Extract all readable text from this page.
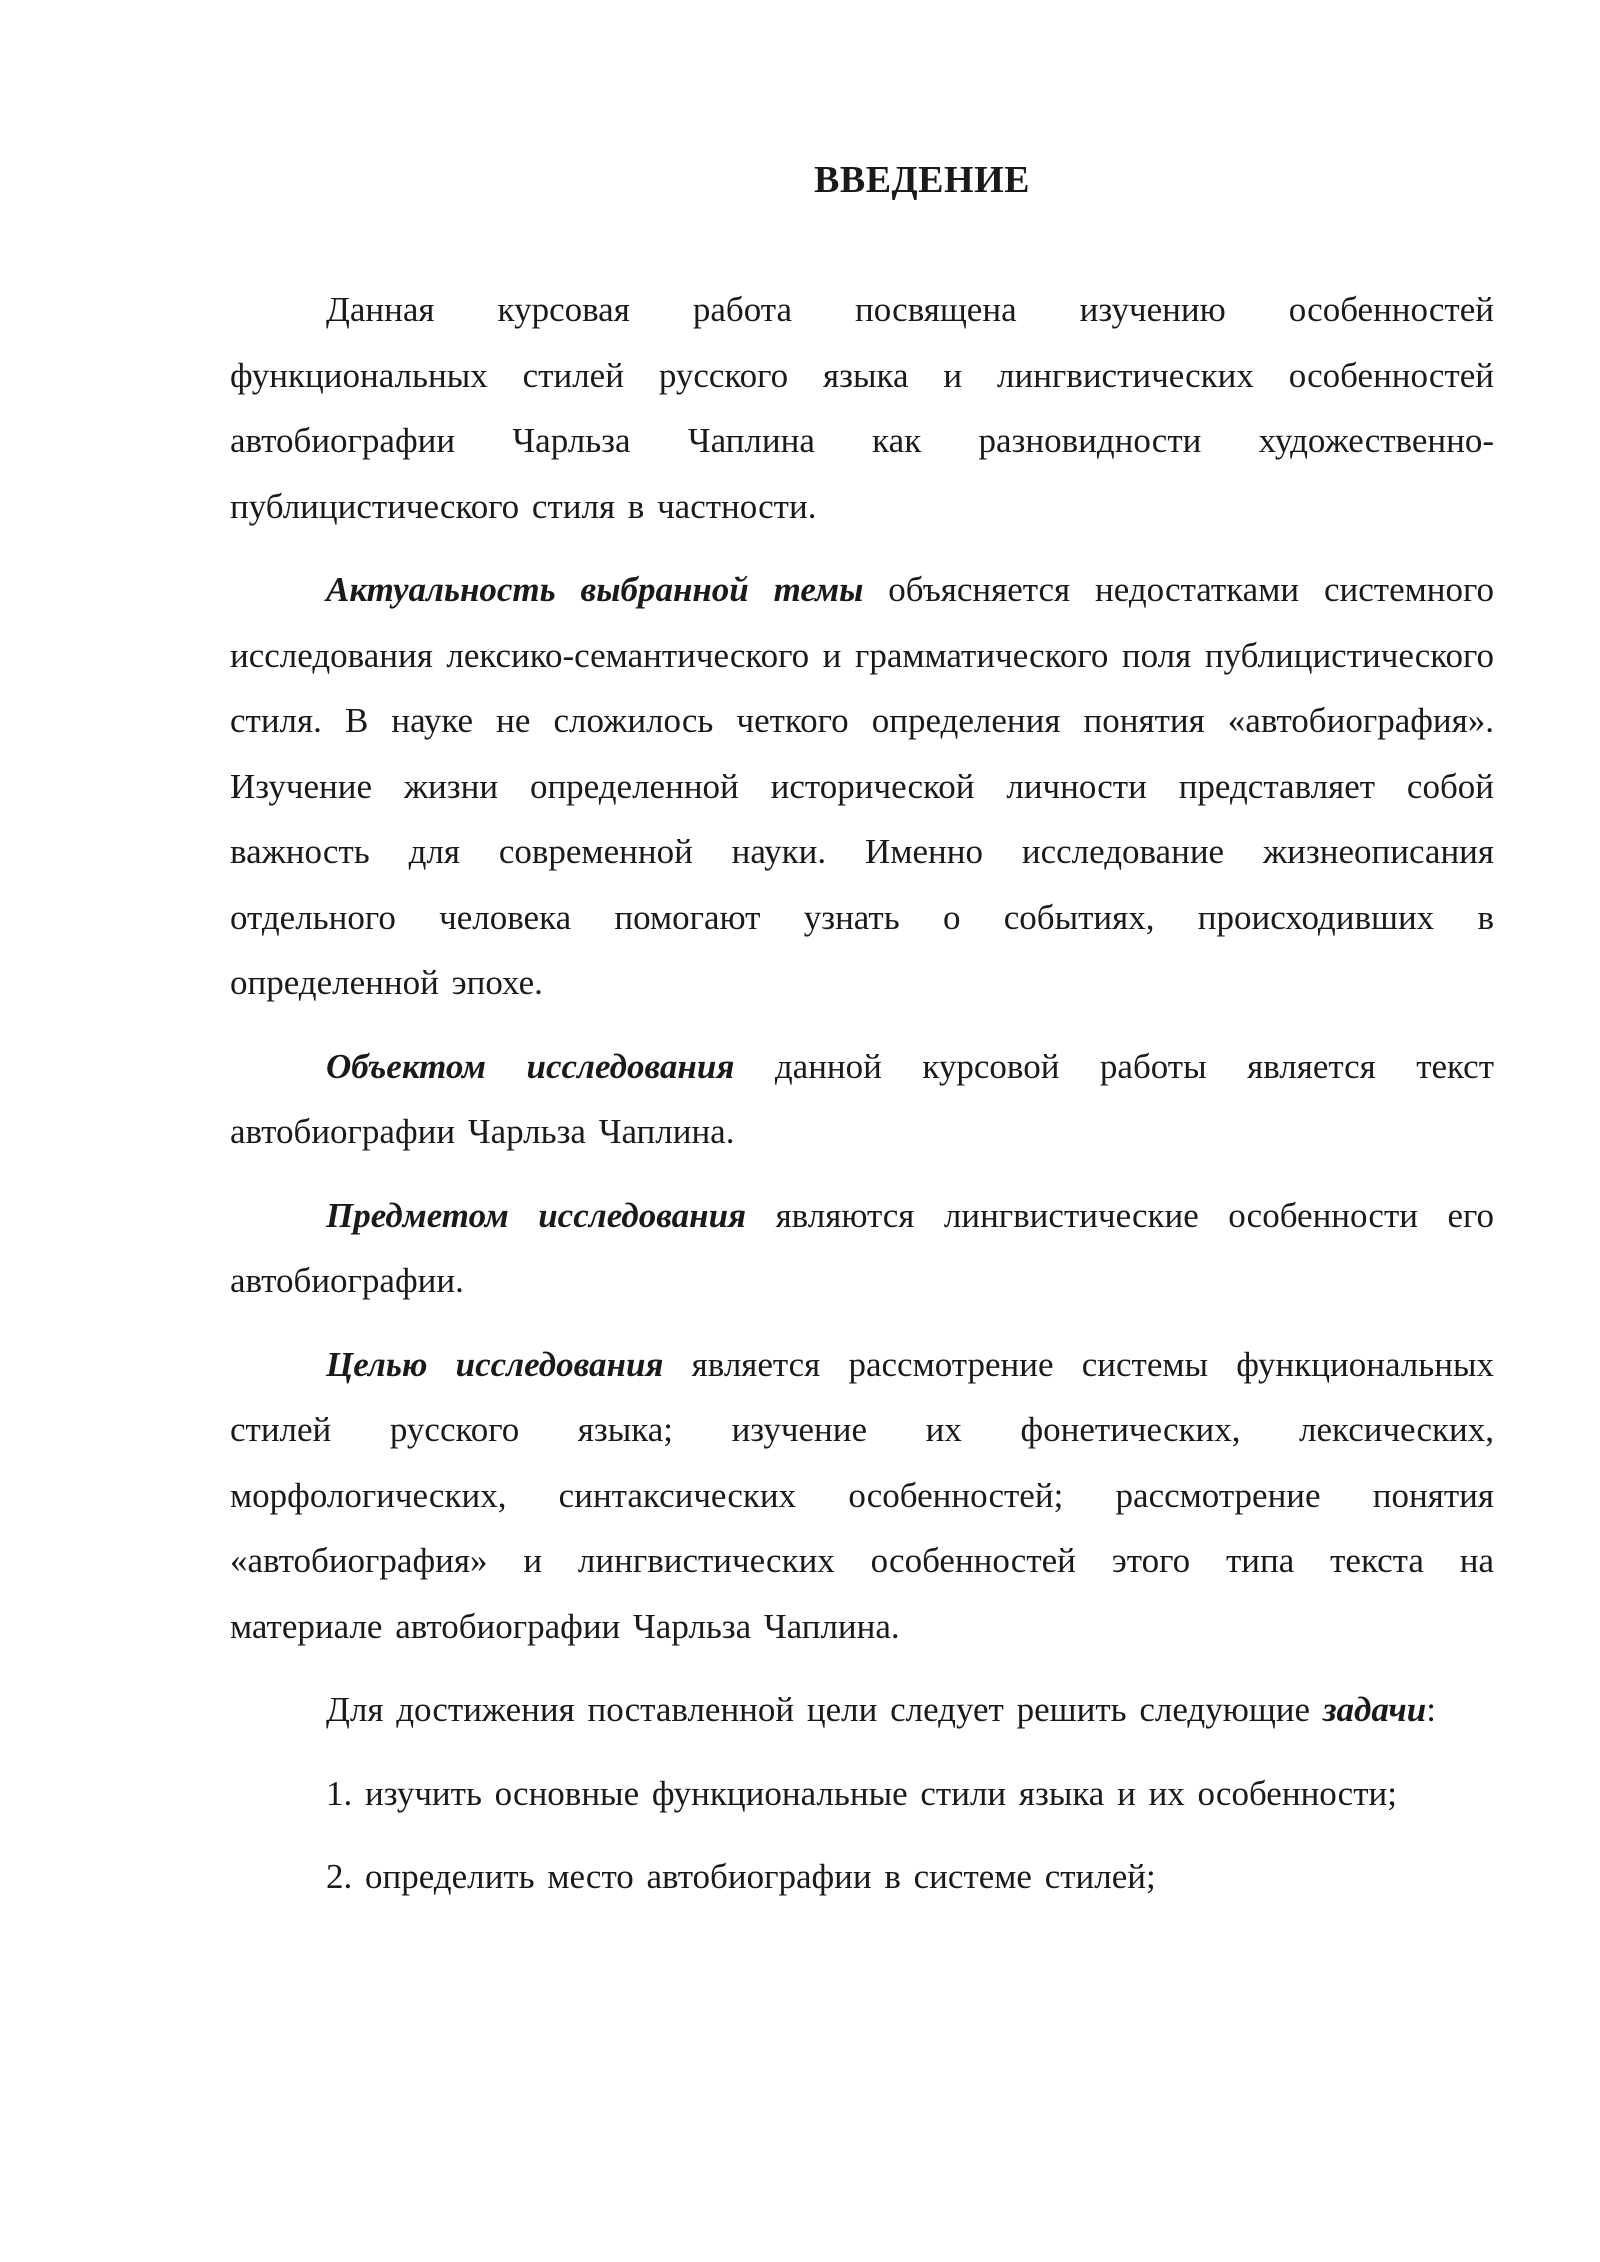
ВВЕДЕНИЕ

Данная курсовая работа посвящена изучению особенностей функциональных стилей русского языка и лингвистических особенностей автобиографии Чарльза Чаплина как разновидности художественно-публицистического стиля в частности.

Актуальность выбранной темы объясняется недостатками системного исследования лексико-семантического и грамматического поля публицистического стиля. В науке не сложилось четкого определения понятия «автобиография». Изучение жизни определенной исторической личности представляет собой важность для современной науки. Именно исследование жизнеописания отдельного человека помогают узнать о событиях, происходивших в определенной эпохе.

Объектом исследования данной курсовой работы является текст автобиографии Чарльза Чаплина.

Предметом исследования являются лингвистические особенности его автобиографии.

Целью исследования является рассмотрение системы функциональных стилей русского языка; изучение их фонетических, лексических, морфологических, синтаксических особенностей; рассмотрение понятия «автобиография» и лингвистических особенностей этого типа текста на материале автобиографии Чарльза Чаплина.

Для достижения поставленной цели следует решить следующие задачи:

1. изучить основные функциональные стили языка и их особенности;

2. определить место автобиографии в системе стилей;
